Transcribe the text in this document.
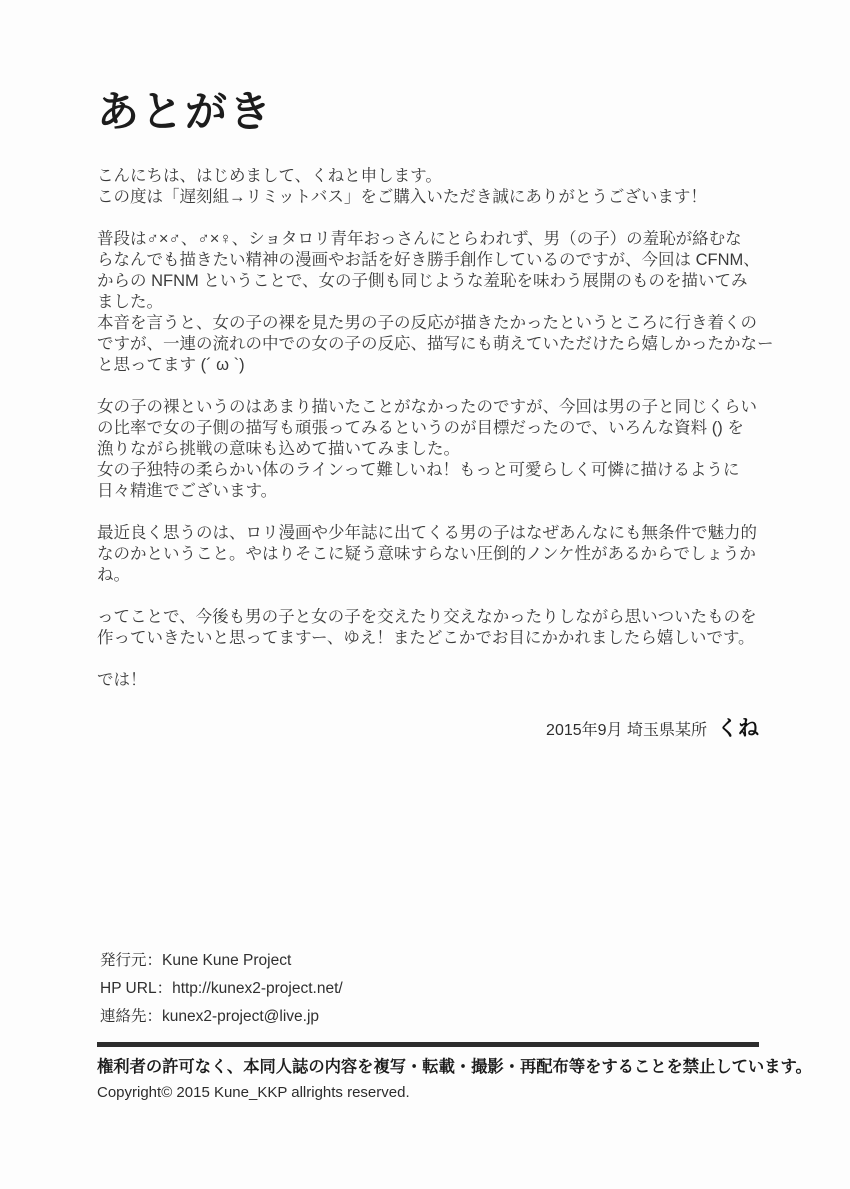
あとがき
こんにちは、はじめまして、くねと申します。
この度は「遅刻組→リミットバス」をご購入いただき誠にありがとうございます！
普段は♂×♂、♂×♀、ショタロリ青年おっさんにとらわれず、男（の子）の羞恥が絡むな
らなんでも描きたい精神の漫画やお話を好き勝手創作しているのですが、今回は CFNM、
からの NFNM ということで、女の子側も同じような羞恥を味わう展開のものを描いてみ
ました。
本音を言うと、女の子の裸を見た男の子の反応が描きたかったというところに行き着くの
ですが、一連の流れの中での女の子の反応、描写にも萌えていただけたら嬉しかったかなー
と思ってます (´ ω `)
女の子の裸というのはあまり描いたことがなかったのですが、今回は男の子と同じくらい
の比率で女の子側の描写も頑張ってみるというのが目標だったので、いろんな資料 () を
漁りながら挑戦の意味も込めて描いてみました。
女の子独特の柔らかい体のラインって難しいね！もっと可愛らしく可憐に描けるように
日々精進でございます。
最近良く思うのは、ロリ漫画や少年誌に出てくる男の子はなぜあんなにも無条件で魅力的
なのかということ。やはりそこに疑う意味すらない圧倒的ノンケ性があるからでしょうか
ね。
ってことで、今後も男の子と女の子を交えたり交えなかったりしながら思いついたものを
作っていきたいと思ってますー、ゆえ！またどこかでお目にかかれましたら嬉しいです。
では！
2015年9月 埼玉県某所 くね
発行元：Kune Kune Project
HP URL：http://kunex2-project.net/
連絡先：kunex2-project@live.jp
権利者の許可なく、本同人誌の内容を複写・転載・撮影・再配布等をすることを禁止しています。
Copyright© 2015 Kune_KKP allrights reserved.
